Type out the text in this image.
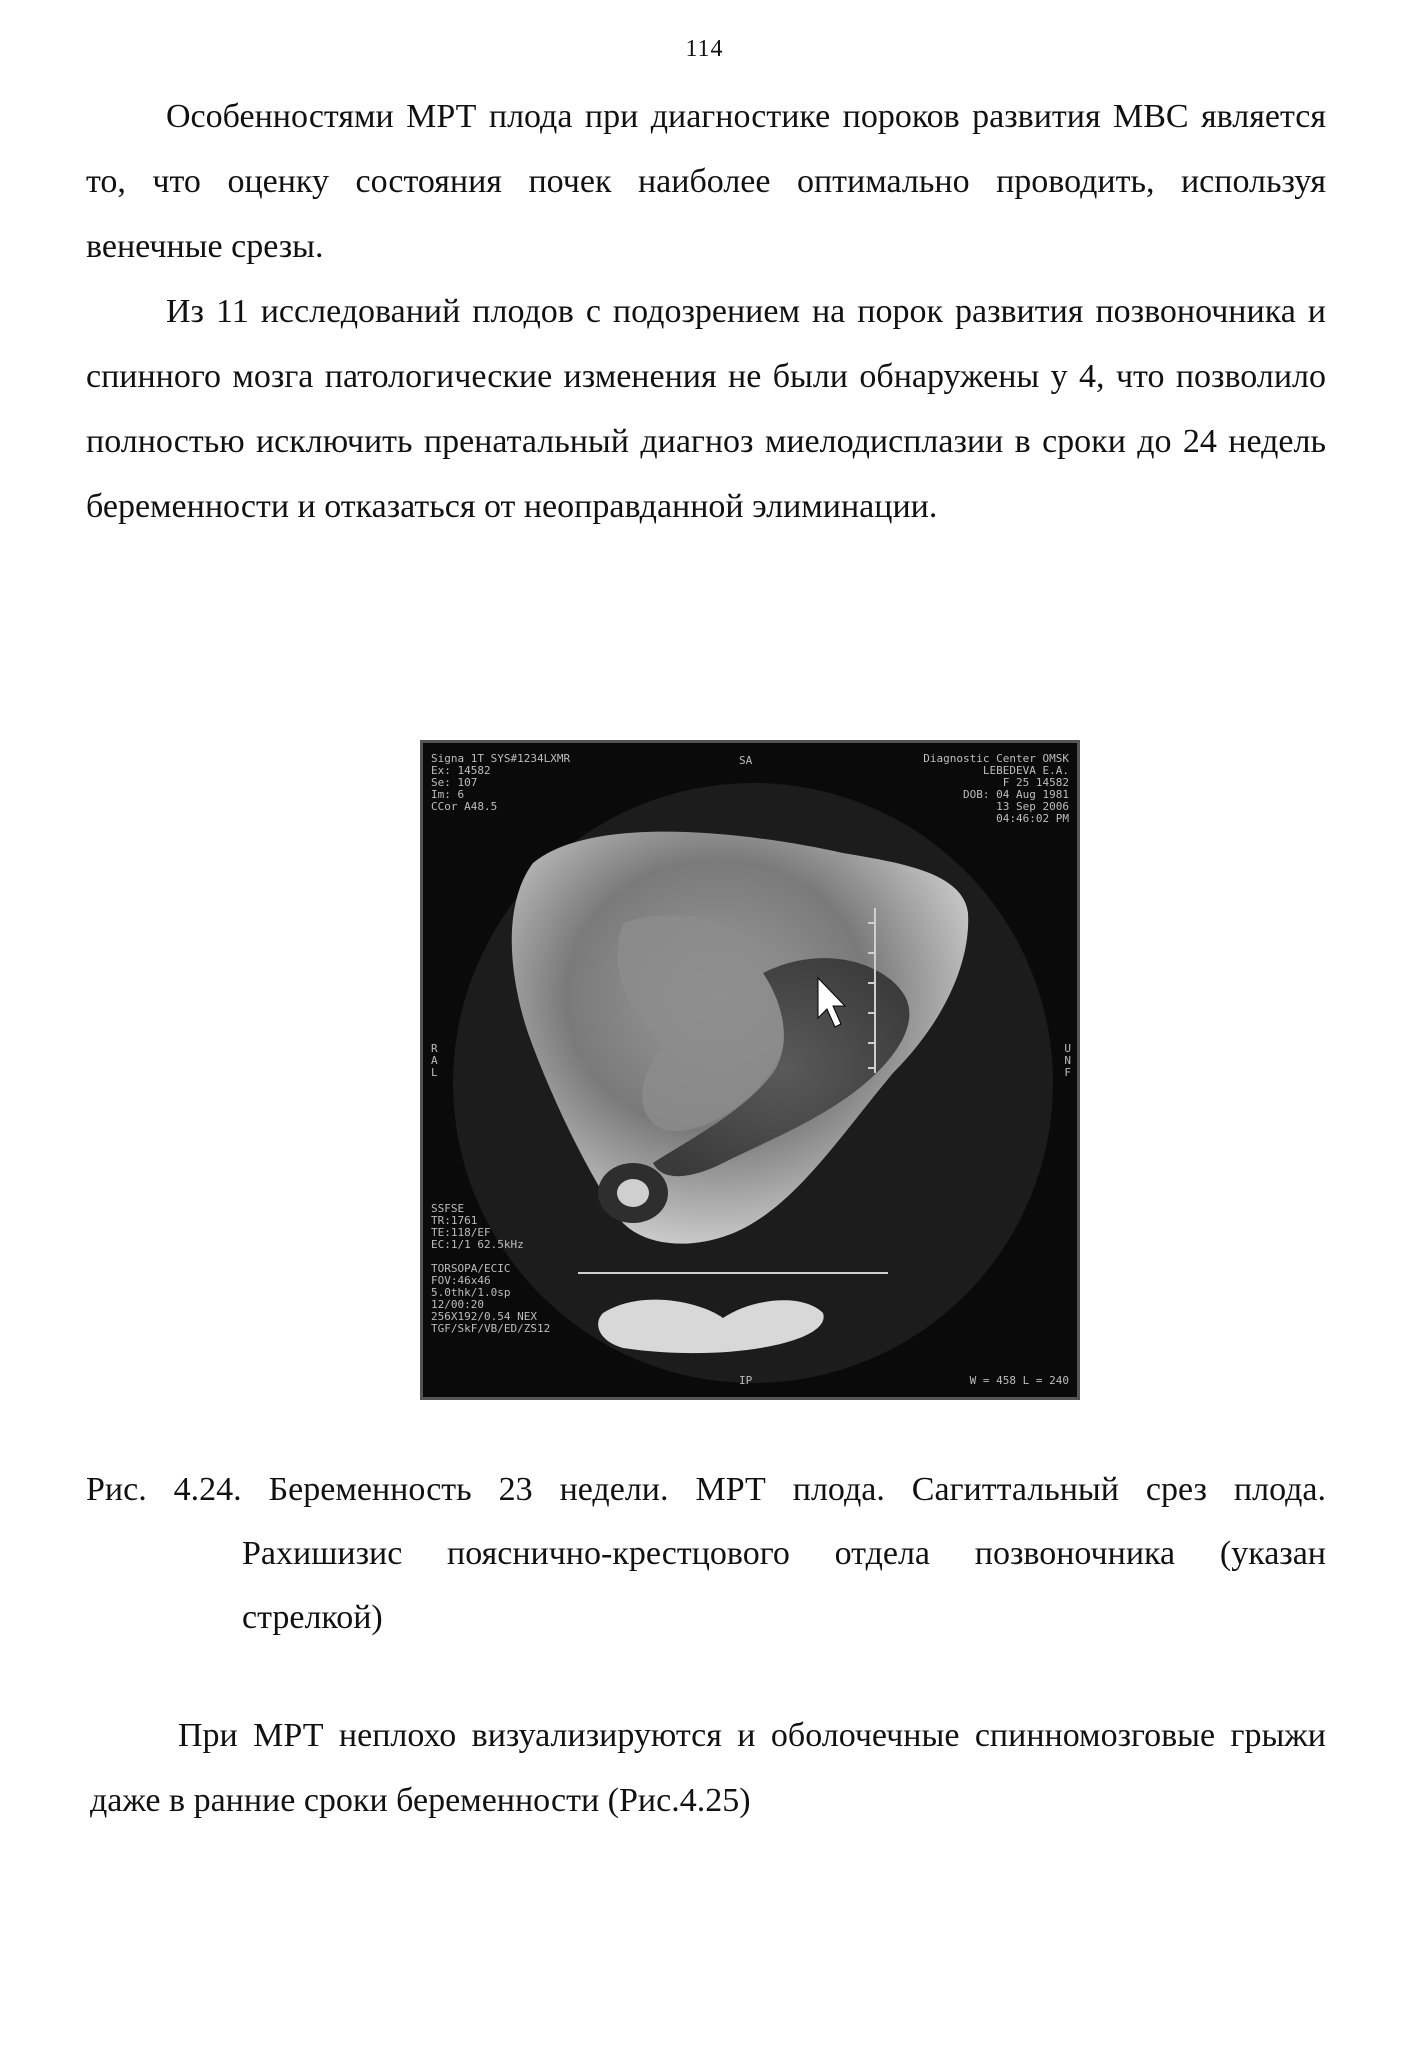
114

Особенностями МРТ плода при диагностике пороков развития МВС является то, что оценку состояния почек наиболее оптимально проводить, используя венечные срезы.

Из 11 исследований плодов с подозрением на порок развития позвоночника и спинного мозга патологические изменения не были обнаружены у 4, что позволило полностью исключить пренатальный диагноз миелодисплазии в сроки до 24 недель беременности и отказаться от неоправданной элиминации.

Signa 1T SYS#1234LXMR
Ex: 14582
Se: 107
Im: 6
CCor A48.5
SA	Diagnostic Center OMSK
LEBEDEVA E.A.
F 25 14582
DOB: 04 Aug 1981
13 Sep 2006
04:46:02 PM
R
A
L
U
N
F
SSFSE
TR:1761
TE:118/EF
EC:1/1 62.5kHz

TORSOPA/ECIC
FOV:46x46
5.0thk/1.0sp
12/00:20
256X192/0.54 NEX
TGF/SkF/VB/ED/ZS12
IP	W = 458 L = 240
Рис. 4.24. Беременность 23 недели. МРТ плода. Сагиттальный срез плода.
Рахишизис пояснично-крестцового отдела позвоночника (указан стрелкой)

При МРТ неплохо визуализируются и оболочечные спинномозговые грыжи даже в ранние сроки беременности (Рис.4.25)
